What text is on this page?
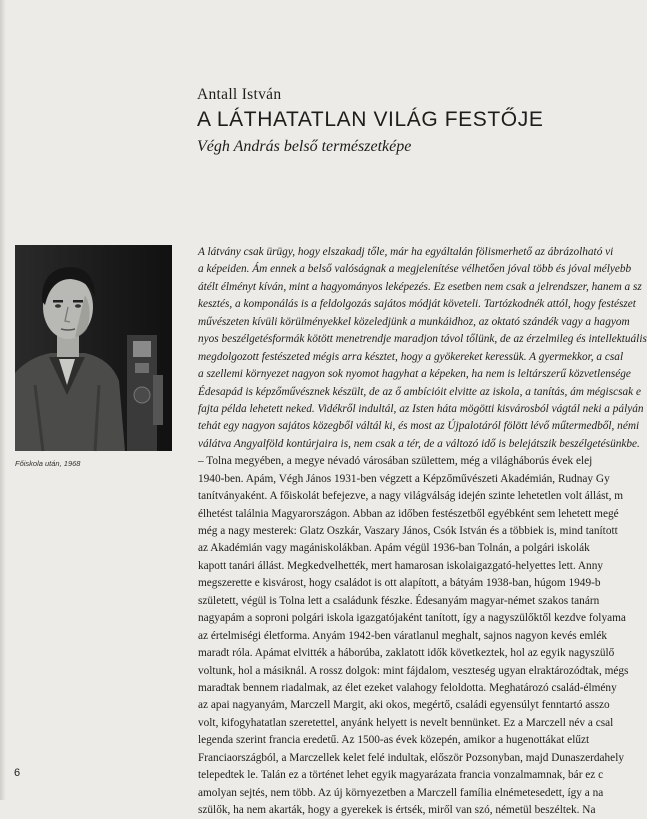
Antall István

A LÁTHATATLAN VILÁG FESTŐJE

Végh András belső természetképe

Főiskola után, 1968
A látvány csak ürügy, hogy elszakadj tőle, már ha egyáltalán fölismerhető az ábrázolható vi
a képeiden. Ám ennek a belső valóságnak a megjelenítése vélhetően jóval több és jóval mélyebb
átélt élményt kíván, mint a hagyományos leképezés. Ez esetben nem csak a jelrendszer, hanem a sz
kesztés, a komponálás is a feldolgozás sajátos módját követeli. Tartózkodnék attól, hogy festészet
művészeten kívüli körülményekkel közeledjünk a munkáidhoz, az oktató szándék vagy a hagyom
nyos beszélgetésformák kötött menetrendje maradjon távol tőlünk, de az érzelmileg és intellektuális
megdolgozott festészeted mégis arra késztet, hogy a gyökereket keressük. A gyermekkor, a csal
a szellemi környezet nagyon sok nyomot hagyhat a képeken, ha nem is leltárszerű közvetlensége
Édesapád is képzőművésznek készült, de az ő ambícióit elvitte az iskola, a tanítás, ám mégiscsak e
fajta példa lehetett neked. Vidékről indultál, az Isten háta mögötti kisvárosból vágtál neki a pályán
tehát egy nagyon sajátos közegből váltál ki, és most az Újpalotáról fölött lévő műtermedből, némi
válátva Angyalföld kontúrjaira is, nem csak a tér, de a változó idő is belejátszik beszélgetésünkbe.
– Tolna megyében, a megye névadó városában születtem, még a világháborús évek elej
1940-ben. Apám, Végh János 1931-ben végzett a Képzőművészeti Akadémián, Rudnay Gy
tanítványaként. A főiskolát befejezve, a nagy világválság idején szinte lehetetlen volt állást, m
élhetést találnia Magyarországon. Abban az időben festészetből egyébként sem lehetett megé
még a nagy mesterek: Glatz Oszkár, Vaszary János, Csók István és a többiek is, mind tanított
az Akadémián vagy magániskolákban. Apám végül 1936-ban Tolnán, a polgári iskolák
kapott tanári állást. Megkedvelhették, mert hamarosan iskolaigazgató-helyettes lett. Anny
megszerette e kisvárost, hogy családot is ott alapított, a bátyám 1938-ban, húgom 1949-b
született, végül is Tolna lett a családunk fészke. Édesanyám magyar-német szakos tanárn
nagyapám a soproni polgári iskola igazgatójaként tanított, így a nagyszülőktől kezdve folyama
az értelmiségi életforma. Anyám 1942-ben váratlanul meghalt, sajnos nagyon kevés emlék
maradt róla. Apámat elvitték a háborúba, zaklatott idők következtek, hol az egyik nagyszülő
voltunk, hol a másiknál. A rossz dolgok: mint fájdalom, veszteség ugyan elraktározódtak, mégs
maradtak bennem riadalmak, az élet ezeket valahogy feloldotta. Meghatározó család-élmény
az apai nagyanyám, Marczell Margit, aki okos, megértő, családi egyensúlyt fenntartó asszo
volt, kifogyhatatlan szeretettel, anyánk helyett is nevelt bennünket. Ez a Marczell név a csal
legenda szerint francia eredetű. Az 1500-as évek közepén, amikor a hugenottákat elűzt
Franciaországból, a Marczellek kelet felé indultak, először Pozsonyban, majd Dunaszerdahely
telepedtek le. Talán ez a történet lehet egyik magyarázata francia vonzalmamnak, bár ez c
amolyan sejtés, nem több. Az új környezetben a Marczell família elnémetesedett, így a na
szülők, ha nem akarták, hogy a gyerekek is értsék, miről van szó, németül beszéltek. Na
6
